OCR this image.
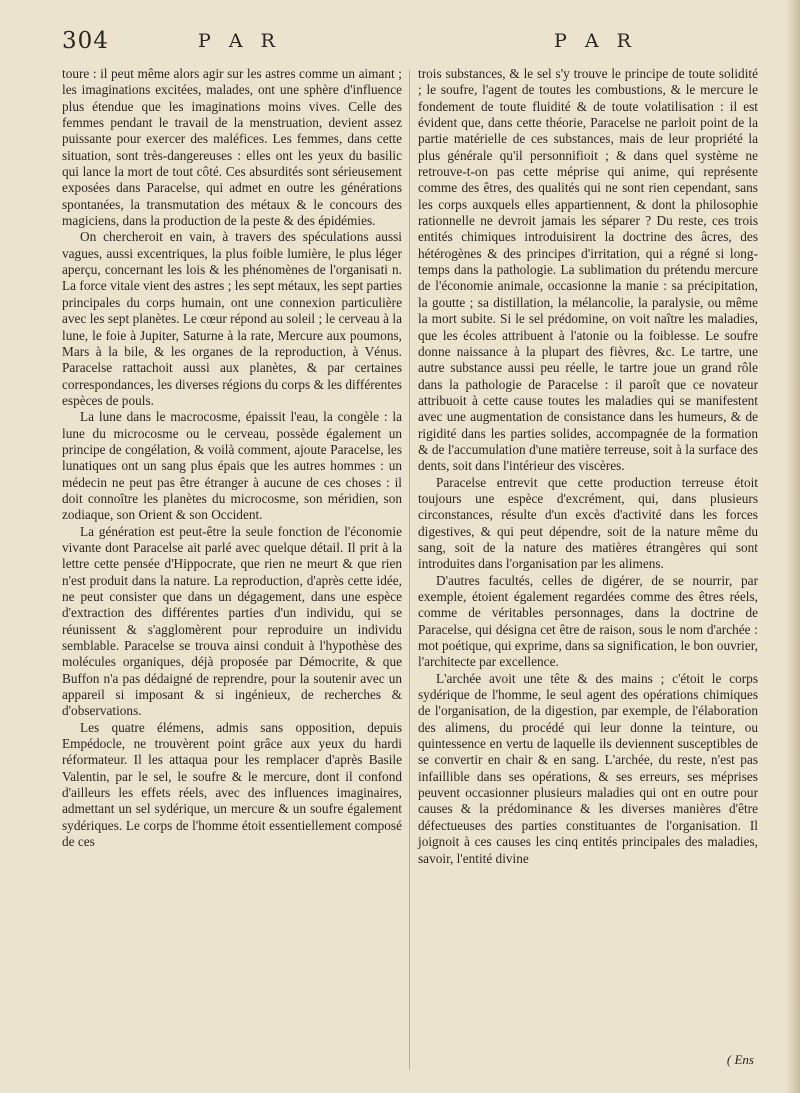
304	P A R	P A R

toure : il peut même alors agir sur les astres comme un aimant ; les imaginations excitées, malades, ont une sphère d'influence plus étendue que les imaginations moins vives. Celle des femmes pendant le travail de la menstruation, devient assez puissante pour exercer des maléfices. Les femmes, dans cette situation, sont très-dangereuses : elles ont les yeux du basilic qui lance la mort de tout côté. Ces absurdités sont sérieusement exposées dans Paracelse, qui admet en outre les générations spontanées, la transmutation des métaux & le concours des magiciens, dans la production de la peste & des épidémies.

On chercheroit en vain, à travers des spéculations aussi vagues, aussi excentriques, la plus foible lumière, le plus léger aperçu, concernant les lois & les phénomènes de l'organisati n. La force vitale vient des astres ; les sept métaux, les sept parties principales du corps humain, ont une connexion particulière avec les sept planètes. Le cœur répond au soleil ; le cerveau à la lune, le foie à Jupiter, Saturne à la rate, Mercure aux poumons, Mars à la bile, & les organes de la reproduction, à Vénus. Paracelse rattachoit aussi aux planètes, & par certaines correspondances, les diverses régions du corps & les différentes espèces de pouls.

La lune dans le macrocosme, épaissit l'eau, la congèle : la lune du microcosme ou le cerveau, possède également un principe de congélation, & voilà comment, ajoute Paracelse, les lunatiques ont un sang plus épais que les autres hommes : un médecin ne peut pas être étranger à aucune de ces choses : il doit connoître les planètes du microcosme, son méridien, son zodiaque, son Orient & son Occident.

La génération est peut-être la seule fonction de l'économie vivante dont Paracelse ait parlé avec quelque détail. Il prit à la lettre cette pensée d'Hippocrate, que rien ne meurt & que rien n'est produit dans la nature. La reproduction, d'après cette idée, ne peut consister que dans un dégagement, dans une espèce d'extraction des différentes parties d'un individu, qui se réunissent & s'agglomèrent pour reproduire un individu semblable. Paracelse se trouva ainsi conduit à l'hypothèse des molécules organiques, déjà proposée par Démocrite, & que Buffon n'a pas dédaigné de reprendre, pour la soutenir avec un appareil si imposant & si ingénieux, de recherches & d'observations.

Les quatre élémens, admis sans opposition, depuis Empédocle, ne trouvèrent point grâce aux yeux du hardi réformateur. Il les attaqua pour les remplacer d'après Basile Valentin, par le sel, le soufre & le mercure, dont il confond d'ailleurs les effets réels, avec des influences imaginaires, admettant un sel sydérique, un mercure & un soufre également sydériques. Le corps de l'homme étoit essentiellement composé de ces

trois substances, & le sel s'y trouve le principe de toute solidité ; le soufre, l'agent de toutes les combustions, & le mercure le fondement de toute fluidité & de toute volatilisation : il est évident que, dans cette théorie, Paracelse ne parloit point de la partie matérielle de ces substances, mais de leur propriété la plus générale qu'il personnifioit ; & dans quel système ne retrouve-t-on pas cette méprise qui anime, qui représente comme des êtres, des qualités qui ne sont rien cependant, sans les corps auxquels elles appartiennent, & dont la philosophie rationnelle ne devroit jamais les séparer ? Du reste, ces trois entités chimiques introduisirent la doctrine des âcres, des hétérogènes & des principes d'irritation, qui a régné si long-temps dans la pathologie. La sublimation du prétendu mercure de l'économie animale, occasionne la manie : sa précipitation, la goutte ; sa distillation, la mélancolie, la paralysie, ou même la mort subite. Si le sel prédomine, on voit naître les maladies, que les écoles attribuent à l'atonie ou la foiblesse. Le soufre donne naissance à la plupart des fièvres, &c. Le tartre, une autre substance aussi peu réelle, le tartre joue un grand rôle dans la pathologie de Paracelse : il paroît que ce novateur attribuoit à cette cause toutes les maladies qui se manifestent avec une augmentation de consistance dans les humeurs, & de rigidité dans les parties solides, accompagnée de la formation & de l'accumulation d'une matière terreuse, soit à la surface des dents, soit dans l'intérieur des viscères.

Paracelse entrevit que cette production terreuse étoit toujours une espèce d'excrément, qui, dans plusieurs circonstances, résulte d'un excès d'activité dans les forces digestives, & qui peut dépendre, soit de la nature même du sang, soit de la nature des matières étrangères qui sont introduites dans l'organisation par les alimens.

D'autres facultés, celles de digérer, de se nourrir, par exemple, étoient également regardées comme des êtres réels, comme de véritables personnages, dans la doctrine de Paracelse, qui désigna cet être de raison, sous le nom d'archée : mot poétique, qui exprime, dans sa signification, le bon ouvrier, l'architecte par excellence.

L'archée avoit une tête & des mains ; c'étoit le corps sydérique de l'homme, le seul agent des opérations chimiques de l'organisation, de la digestion, par exemple, de l'élaboration des alimens, du procédé qui leur donne la teinture, ou quintessence en vertu de laquelle ils deviennent susceptibles de se convertir en chair & en sang. L'archée, du reste, n'est pas infaillible dans ses opérations, & ses erreurs, ses méprises peuvent occasionner plusieurs maladies qui ont en outre pour causes & la prédominance & les diverses manières d'être défectueuses des parties constituantes de l'organisation. Il joignoit à ces causes les cinq entités principales des maladies, savoir, l'entité divine

( Ens
